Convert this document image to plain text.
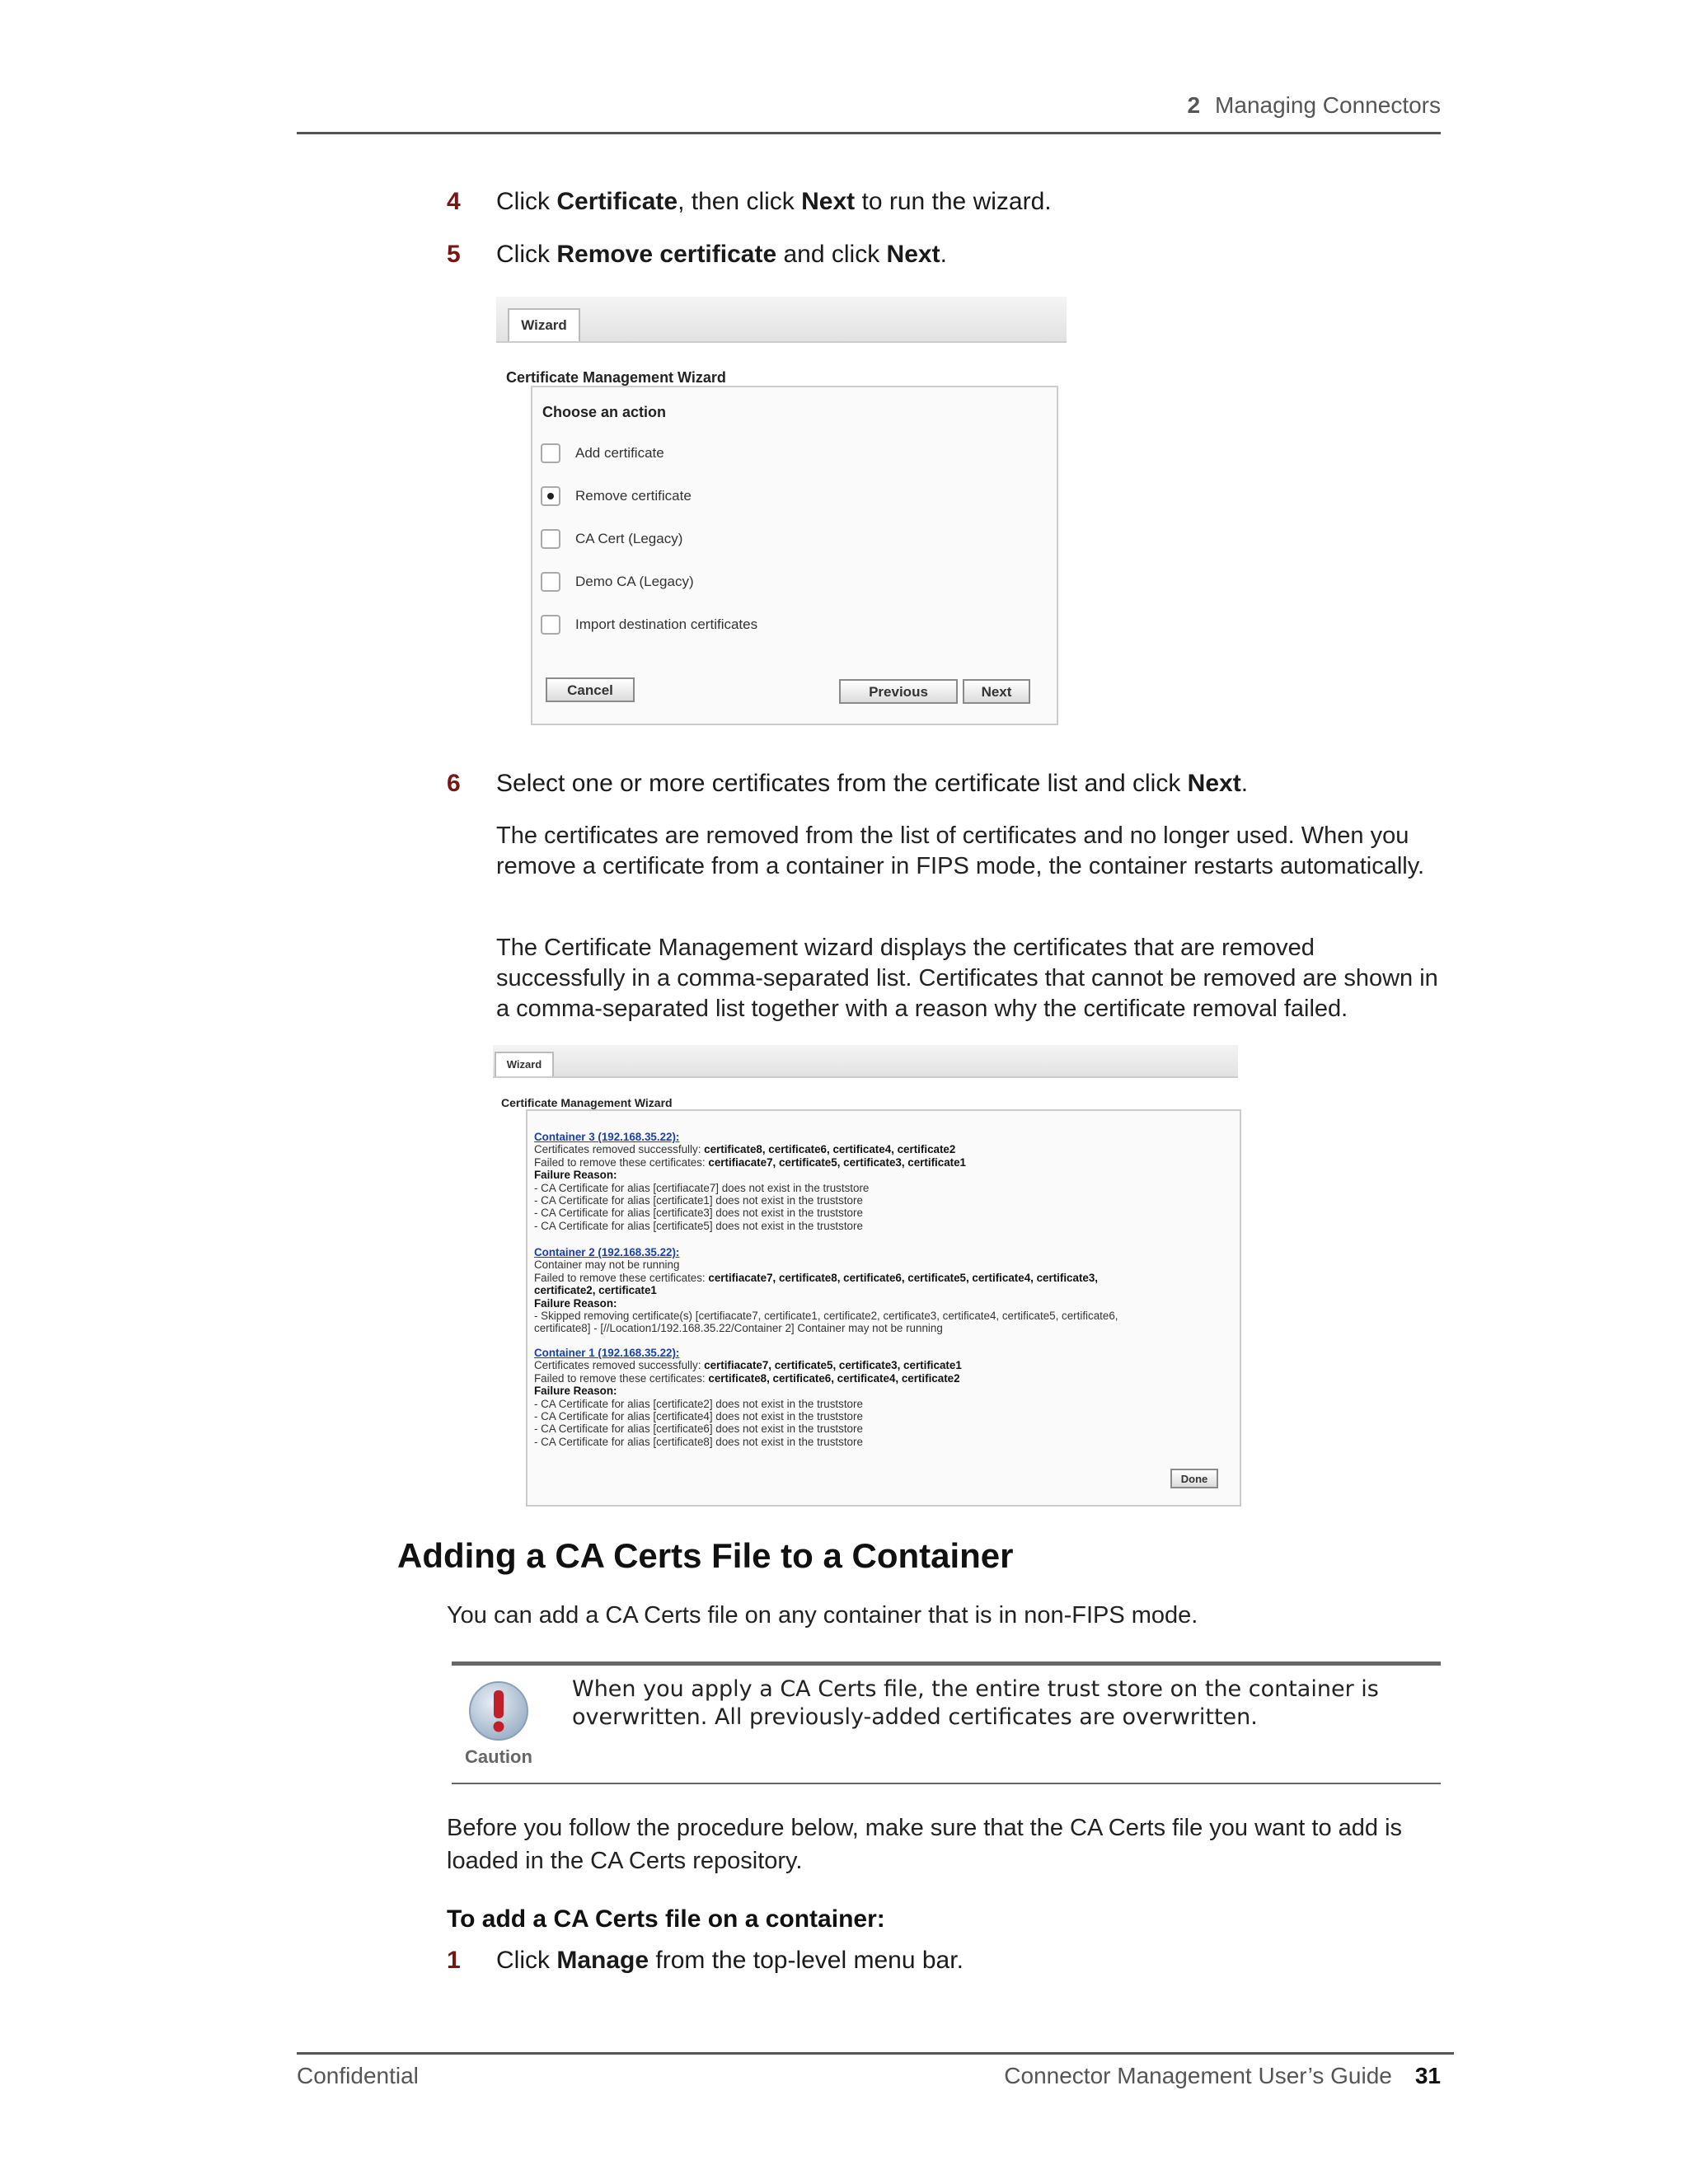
2 Managing Connectors
4 Click Certificate, then click Next to run the wizard.
5 Click Remove certificate and click Next.
Wizard
Certificate Management Wizard
Choose an action
Add certificate
Remove certificate
CA Cert (Legacy)
Demo CA (Legacy)
Import destination certificates
Cancel	Previous	Next
6 Select one or more certificates from the certificate list and click Next.
The certificates are removed from the list of certificates and no longer used. When you remove a certificate from a container in FIPS mode, the container restarts automatically.
The Certificate Management wizard displays the certificates that are removed successfully in a comma-separated list. Certificates that cannot be removed are shown in a comma-separated list together with a reason why the certificate removal failed.
Wizard
Certificate Management Wizard
Container 3 (192.168.35.22):
Certificates removed successfully: certificate8, certificate6, certificate4, certificate2
Failed to remove these certificates: certifiacate7, certificate5, certificate3, certificate1
Failure Reason:
- CA Certificate for alias [certifiacate7] does not exist in the truststore
- CA Certificate for alias [certificate1] does not exist in the truststore
- CA Certificate for alias [certificate3] does not exist in the truststore
- CA Certificate for alias [certificate5] does not exist in the truststore
Container 2 (192.168.35.22):
Container may not be running
Failed to remove these certificates: certifiacate7, certificate8, certificate6, certificate5, certificate4, certificate3,
certificate2, certificate1
Failure Reason:
- Skipped removing certificate(s) [certifiacate7, certificate1, certificate2, certificate3, certificate4, certificate5, certificate6,
certificate8] - [//Location1/192.168.35.22/Container 2] Container may not be running
Container 1 (192.168.35.22):
Certificates removed successfully: certifiacate7, certificate5, certificate3, certificate1
Failed to remove these certificates: certificate8, certificate6, certificate4, certificate2
Failure Reason:
- CA Certificate for alias [certificate2] does not exist in the truststore
- CA Certificate for alias [certificate4] does not exist in the truststore
- CA Certificate for alias [certificate6] does not exist in the truststore
- CA Certificate for alias [certificate8] does not exist in the truststore
Done
Adding a CA Certs File to a Container
You can add a CA Certs file on any container that is in non-FIPS mode.
Caution
When you apply a CA Certs file, the entire trust store on the container is overwritten. All previously-added certificates are overwritten.
Before you follow the procedure below, make sure that the CA Certs file you want to add is loaded in the CA Certs repository.
To add a CA Certs file on a container:
1 Click Manage from the top-level menu bar.
Confidential	Connector Management User’s Guide 31
